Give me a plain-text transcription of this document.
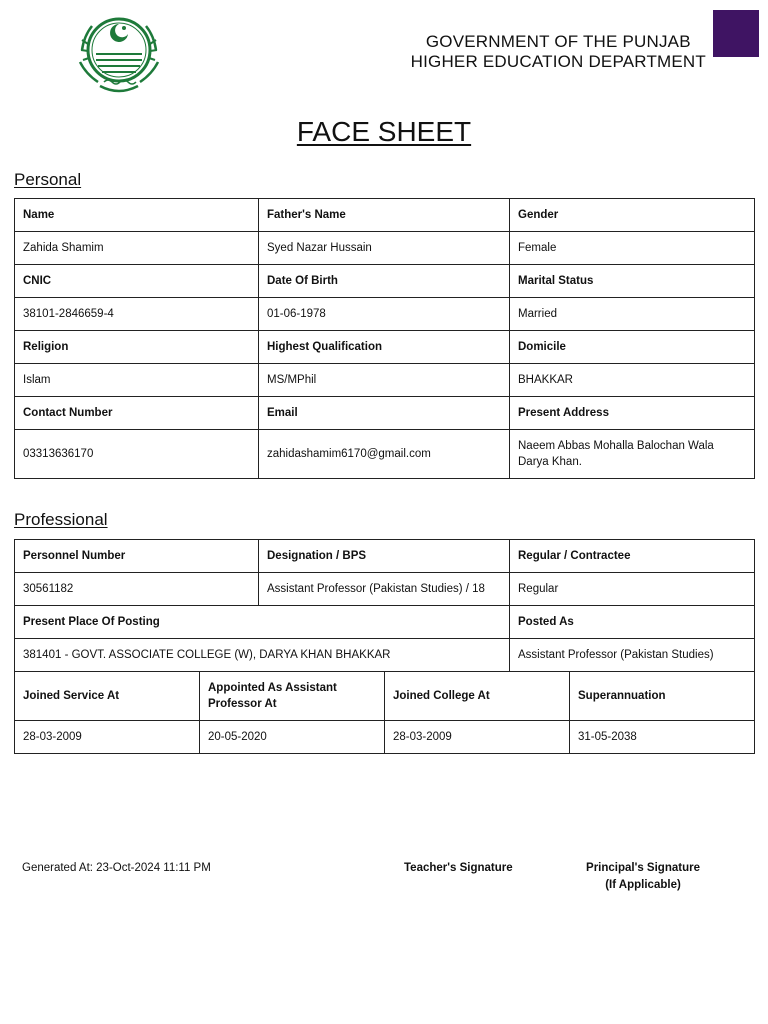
GOVERNMENT OF THE PUNJAB
HIGHER EDUCATION DEPARTMENT
FACE SHEET
Personal
Name	Father's Name	Gender
Zahida Shamim	Syed Nazar Hussain	Female
CNIC	Date Of Birth	Marital Status
38101-2846659-4	01-06-1978	Married
Religion	Highest Qualification	Domicile
Islam	MS/MPhil	BHAKKAR
Contact Number	Email	Present Address
03313636170	zahidashamim6170@gmail.com	Naeem Abbas Mohalla Balochan Wala Darya Khan.
Professional
Personnel Number	Designation / BPS	Regular / Contractee
30561182	Assistant Professor (Pakistan Studies) / 18	Regular
Present Place Of Posting		Posted As
381401 - GOVT. ASSOCIATE COLLEGE (W), DARYA KHAN BHAKKAR		Assistant Professor (Pakistan Studies)
Joined Service At	Appointed As Assistant Professor At	Joined College At	Superannuation
28-03-2009	20-05-2020	28-03-2009	31-05-2038
Generated At: 23-Oct-2024 11:11 PM	Teacher's Signature	Principal's Signature
(If Applicable)
